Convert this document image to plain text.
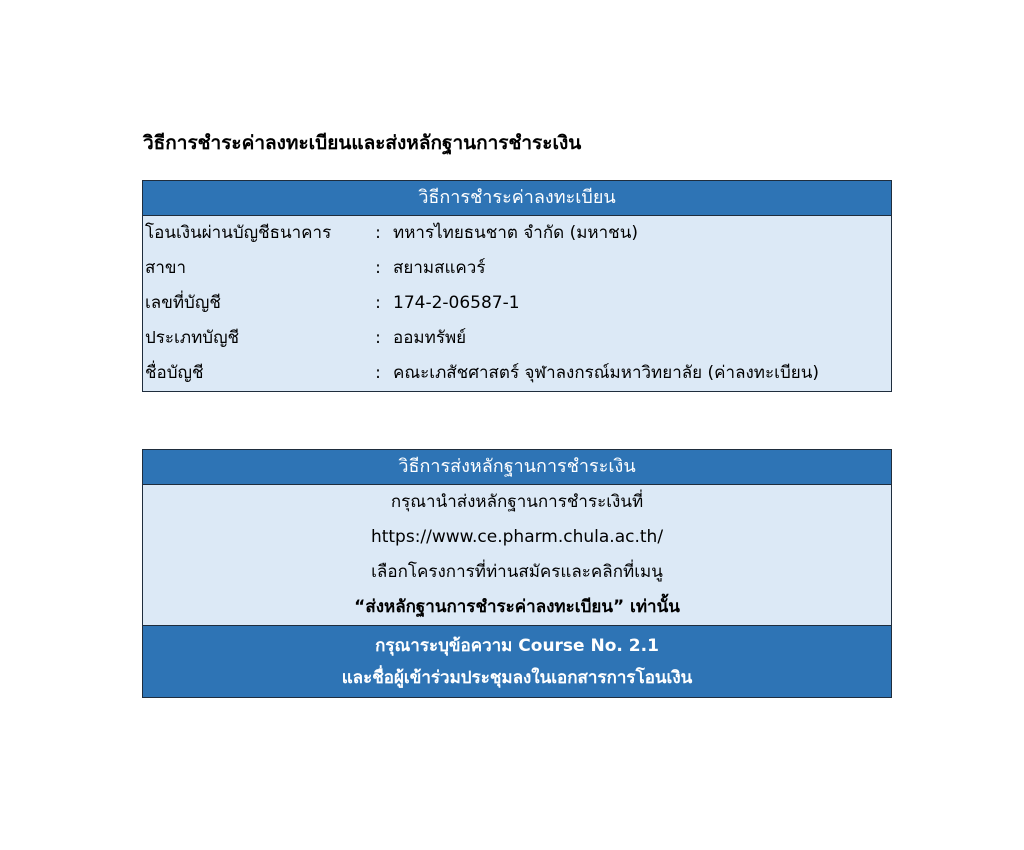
วิธีการชำระค่าลงทะเบียนและส่งหลักฐานการชำระเงิน
วิธีการชำระค่าลงทะเบียน
โอนเงินผ่านบัญชีธนาคาร	: ทหารไทยธนชาต จำกัด (มหาชน)
สาขา	: สยามสแควร์
เลขที่บัญชี	: 174-2-06587-1
ประเภทบัญชี	: ออมทรัพย์
ชื่อบัญชี	: คณะเภสัชศาสตร์ จุฬาลงกรณ์มหาวิทยาลัย (ค่าลงทะเบียน)
วิธีการส่งหลักฐานการชำระเงิน
กรุณานำส่งหลักฐานการชำระเงินที่
https://www.ce.pharm.chula.ac.th/
เลือกโครงการที่ท่านสมัครและคลิกที่เมนู
“ส่งหลักฐานการชำระค่าลงทะเบียน” เท่านั้น
กรุณาระบุข้อความ Course No. 2.1
และชื่อผู้เข้าร่วมประชุมลงในเอกสารการโอนเงิน
